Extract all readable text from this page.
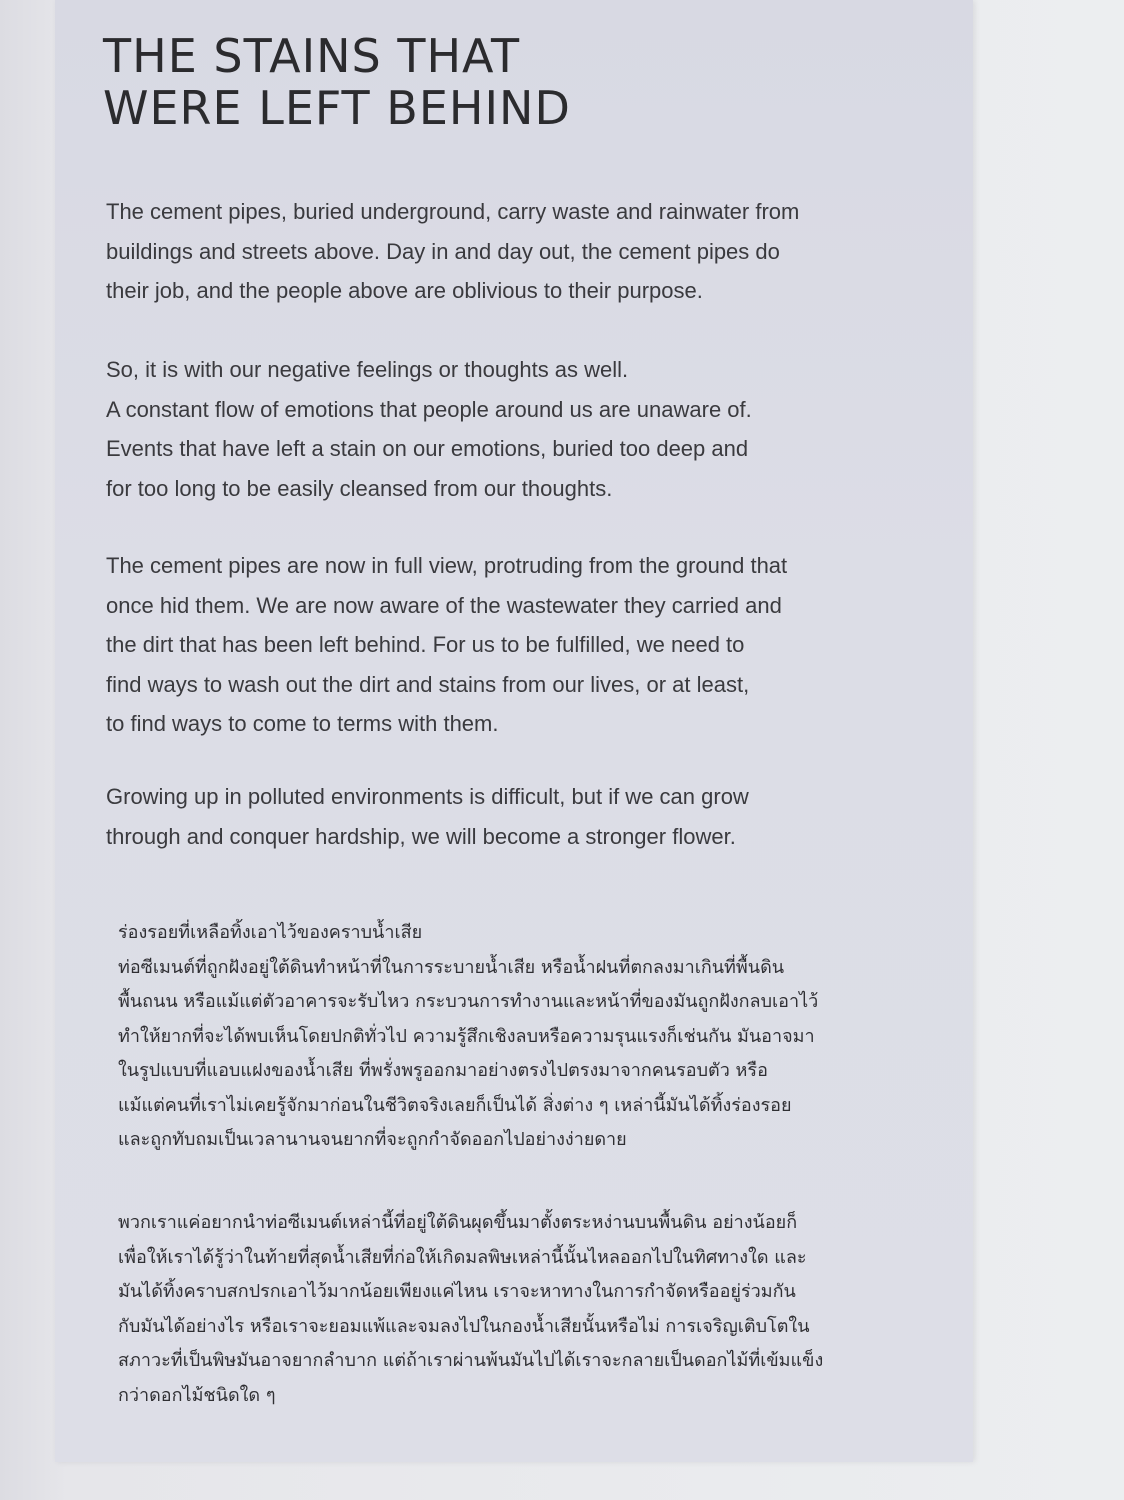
THE STAINS THAT
WERE LEFT BEHIND

The cement pipes, buried underground, carry waste and rainwater from
buildings and streets above. Day in and day out, the cement pipes do
their job, and the people above are oblivious to their purpose.

So, it is with our negative feelings or thoughts as well.
A constant flow of emotions that people around us are unaware of.
Events that have left a stain on our emotions, buried too deep and
for too long to be easily cleansed from our thoughts.

The cement pipes are now in full view, protruding from the ground that
once hid them. We are now aware of the wastewater they carried and
the dirt that has been left behind. For us to be fulfilled, we need to
find ways to wash out the dirt and stains from our lives, or at least,
to find ways to come to terms with them.

Growing up in polluted environments is difficult, but if we can grow
through and conquer hardship, we will become a stronger flower.

ร่องรอยที่เหลือทิ้งเอาไว้ของคราบน้ำเสีย
ท่อซีเมนต์ที่ถูกฝังอยู่ใต้ดินทำหน้าที่ในการระบายน้ำเสีย หรือน้ำฝนที่ตกลงมาเกินที่พื้นดิน
พื้นถนน หรือแม้แต่ตัวอาคารจะรับไหว กระบวนการทำงานและหน้าที่ของมันถูกฝังกลบเอาไว้
ทำให้ยากที่จะได้พบเห็นโดยปกติทั่วไป ความรู้สึกเชิงลบหรือความรุนแรงก็เช่นกัน มันอาจมา
ในรูปแบบที่แอบแฝงของน้ำเสีย ที่พรั่งพรูออกมาอย่างตรงไปตรงมาจากคนรอบตัว หรือ
แม้แต่คนที่เราไม่เคยรู้จักมาก่อนในชีวิตจริงเลยก็เป็นได้ สิ่งต่าง ๆ เหล่านี้มันได้ทิ้งร่องรอย
และถูกทับถมเป็นเวลานานจนยากที่จะถูกกำจัดออกไปอย่างง่ายดาย

พวกเราแค่อยากนำท่อซีเมนต์เหล่านี้ที่อยู่ใต้ดินผุดขึ้นมาตั้งตระหง่านบนพื้นดิน อย่างน้อยก็
เพื่อให้เราได้รู้ว่าในท้ายที่สุดน้ำเสียที่ก่อให้เกิดมลพิษเหล่านี้นั้นไหลออกไปในทิศทางใด และ
มันได้ทิ้งคราบสกปรกเอาไว้มากน้อยเพียงแค่ไหน เราจะหาทางในการกำจัดหรืออยู่ร่วมกัน
กับมันได้อย่างไร หรือเราจะยอมแพ้และจมลงไปในกองน้ำเสียนั้นหรือไม่ การเจริญเติบโตใน
สภาวะที่เป็นพิษมันอาจยากลำบาก แต่ถ้าเราผ่านพ้นมันไปได้เราจะกลายเป็นดอกไม้ที่เข้มแข็ง
กว่าดอกไม้ชนิดใด ๆ
